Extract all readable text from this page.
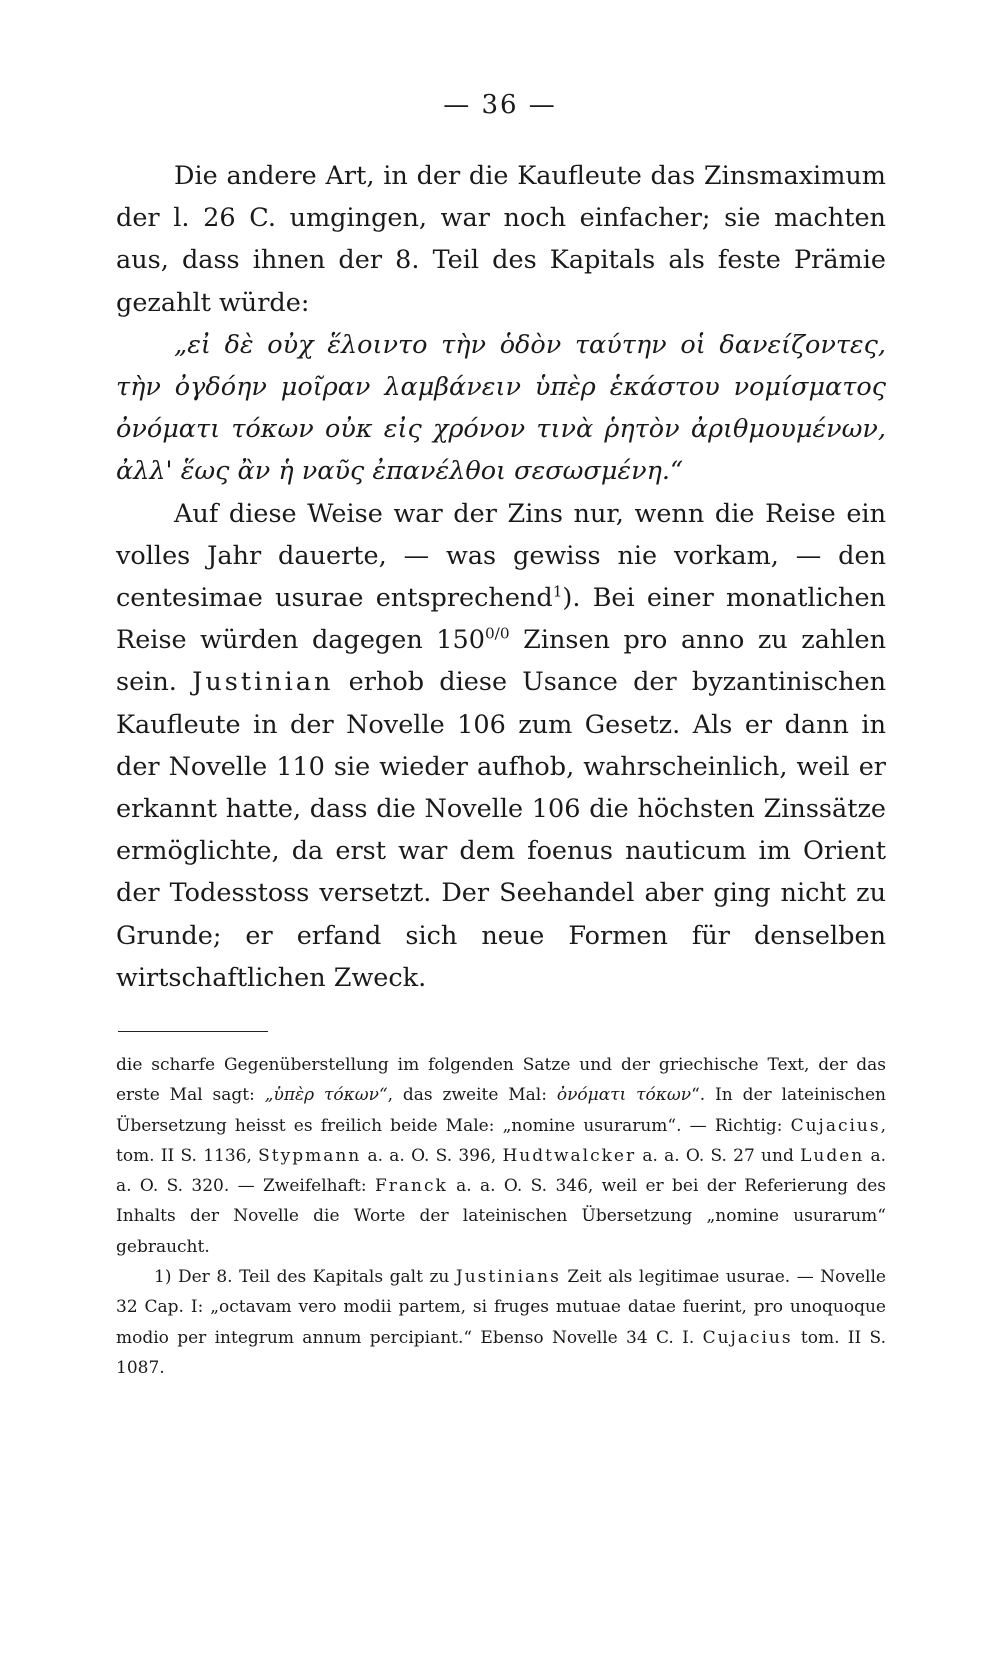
— 36 —

Die andere Art, in der die Kaufleute das Zinsmaximum der l. 26 C. umgingen, war noch einfacher; sie machten aus, dass ihnen der 8. Teil des Kapitals als feste Prämie gezahlt würde:

„εἰ δὲ οὐχ ἕλοιντο τὴν ὁδὸν ταύτην οἱ δανείζοντες, τὴν ὀγδόην μοῖραν λαμβάνειν ὑπὲρ ἑκάστου νομίσματος ὀνόματι τόκων οὐκ εἰς χρόνον τινὰ ῥητὸν ἀριθμουμένων, ἀλλ' ἕως ἂν ἡ ναῦς ἐπανέλθοι σεσωσμένη.“

Auf diese Weise war der Zins nur, wenn die Reise ein volles Jahr dauerte, — was gewiss nie vorkam, — den centesimae usurae entsprechend$^1$). Bei einer monatlichen Reise würden dagegen $150^{0/0}$ Zinsen pro anno zu zahlen sein. Justinian erhob diese Usance der byzantinischen Kaufleute in der Novelle 106 zum Gesetz. Als er dann in der Novelle 110 sie wieder aufhob, wahrscheinlich, weil er erkannt hatte, dass die Novelle 106 die höchsten Zinssätze ermöglichte, da erst war dem foenus nauticum im Orient der Todesstoss versetzt. Der Seehandel aber ging nicht zu Grunde; er erfand sich neue Formen für denselben wirtschaftlichen Zweck.

die scharfe Gegenüberstellung im folgenden Satze und der griechische Text, der das erste Mal sagt: „ὑπὲρ τόκων“, das zweite Mal: ὀνόματι τόκων“. In der lateinischen Übersetzung heisst es freilich beide Male: „nomine usurarum“. — Richtig: Cujacius, tom. II S. 1136, Stypmann a. a. O. S. 396, Hudtwalcker a. a. O. S. 27 und Luden a. a. O. S. 320. — Zweifelhaft: Franck a. a. O. S. 346, weil er bei der Referierung des Inhalts der Novelle die Worte der lateinischen Übersetzung „nomine usurarum“ gebraucht.

1) Der 8. Teil des Kapitals galt zu Justinians Zeit als legitimae usurae. — Novelle 32 Cap. I: „octavam vero modii partem, si fruges mutuae datae fuerint, pro unoquoque modio per integrum annum percipiant.“ Ebenso Novelle 34 C. I. Cujacius tom. II S. 1087.
